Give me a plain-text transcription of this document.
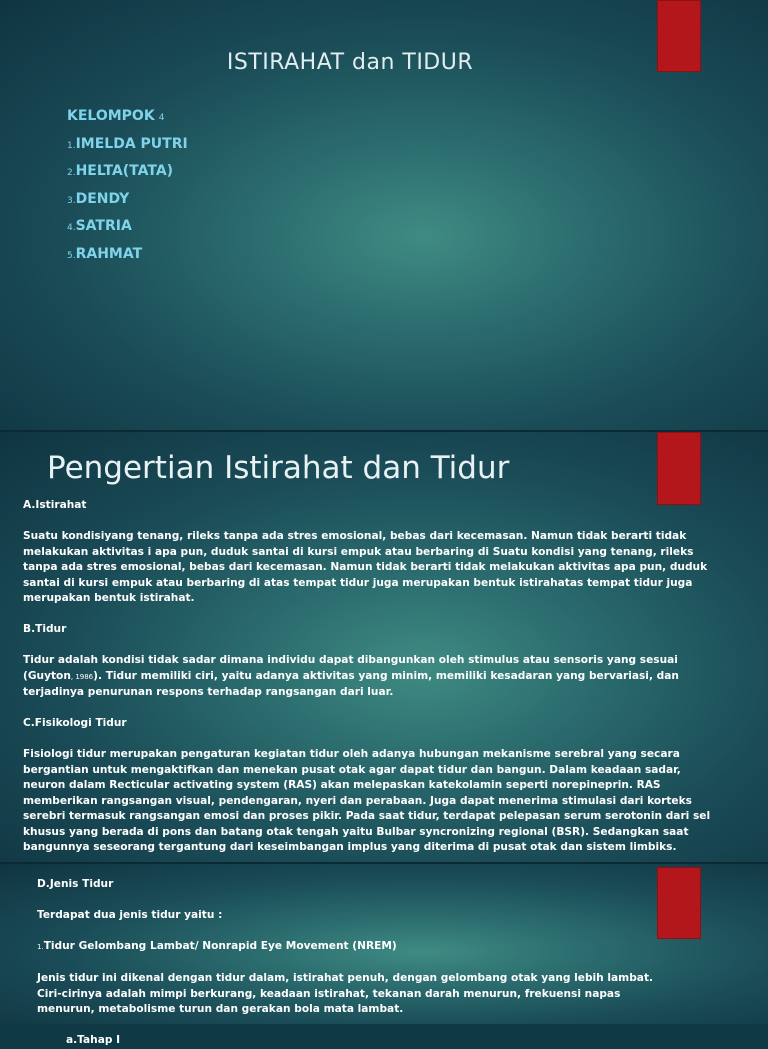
ISTIRAHAT dan TIDUR
KELOMPOK 4
1.IMELDA PUTRI
2.HELTA(TATA)
3.DENDY
4.SATRIA
5.RAHMAT
Pengertian Istirahat dan Tidur

A.Istirahat

Suatu kondisiyang tenang, rileks tanpa ada stres emosional, bebas dari kecemasan. Namun tidak berarti tidak melakukan aktivitas i apa pun, duduk santai di kursi empuk atau berbaring di Suatu kondisi yang tenang, rileks tanpa ada stres emosional, bebas dari kecemasan. Namun tidak berarti tidak melakukan aktivitas apa pun, duduk santai di kursi empuk atau berbaring di atas tempat tidur juga merupakan bentuk istirahatas tempat tidur juga merupakan bentuk istirahat.

B.Tidur

Tidur adalah kondisi tidak sadar dimana individu dapat dibangunkan oleh stimulus atau sensoris yang sesuai (Guyton, 1986). Tidur memiliki ciri, yaitu adanya aktivitas yang minim, memiliki kesadaran yang bervariasi, dan terjadinya penurunan respons terhadap rangsangan dari luar.

C.Fisikologi Tidur

Fisiologi tidur merupakan pengaturan kegiatan tidur oleh adanya hubungan mekanisme serebral yang secara bergantian untuk mengaktifkan dan menekan pusat otak agar dapat tidur dan bangun. Dalam keadaan sadar, neuron dalam Recticular activating system (RAS) akan melepaskan katekolamin seperti norepineprin. RAS memberikan rangsangan visual, pendengaran, nyeri dan perabaan. Juga dapat menerima stimulasi dari korteks serebri termasuk rangsangan emosi dan proses pikir. Pada saat tidur, terdapat pelepasan serum serotonin dari sel khusus yang berada di pons dan batang otak tengah yaitu Bulbar syncronizing regional (BSR). Sedangkan saat bangunnya seseorang tergantung dari keseimbangan implus yang diterima di pusat otak dan sistem limbiks.

D.Jenis Tidur

Terdapat dua jenis tidur yaitu :

1.Tidur Gelombang Lambat/ Nonrapid Eye Movement (NREM)

Jenis tidur ini dikenal dengan tidur dalam, istirahat penuh, dengan gelombang otak yang lebih lambat. Ciri-cirinya adalah mimpi berkurang, keadaan istirahat, tekanan darah menurun, frekuensi napas menurun, metabolisme turun dan gerakan bola mata lambat.

a.Tahap I
